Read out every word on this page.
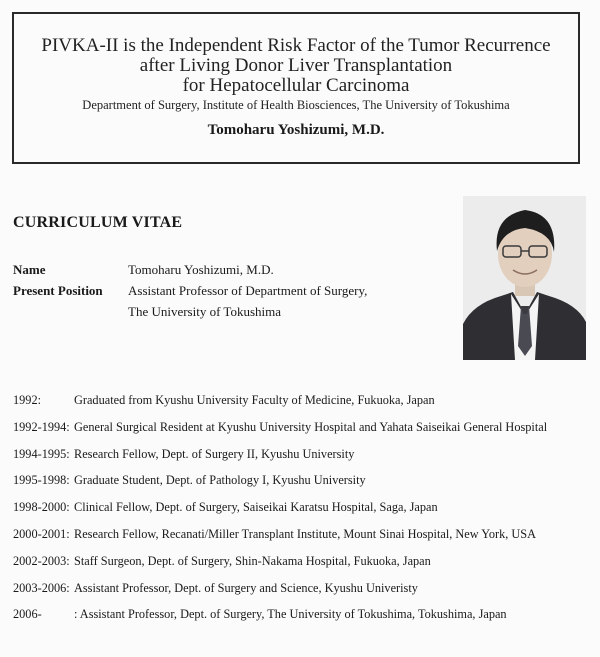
PIVKA-II is the Independent Risk Factor of the Tumor Recurrence

after Living Donor Liver Transplantation

for Hepatocellular Carcinoma

Department of Surgery, Institute of Health Biosciences, The University of Tokushima
Tomoharu Yoshizumi, M.D.
CURRICULUM VITAE
Name	Tomoharu Yoshizumi, M.D.
Present Position	Assistant Professor of Department of Surgery,
The University of Tokushima
1992:	Graduated from Kyushu University Faculty of Medicine, Fukuoka, Japan
1992-1994: General Surgical Resident at Kyushu University Hospital and Yahata Saiseikai General Hospital
1994-1995: Research Fellow, Dept. of Surgery II, Kyushu University
1995-1998: Graduate Student, Dept. of Pathology I, Kyushu University
1998-2000: Clinical Fellow, Dept. of Surgery, Saiseikai Karatsu Hospital, Saga, Japan
2000-2001: Research Fellow, Recanati/Miller Transplant Institute, Mount Sinai Hospital, New York, USA
2002-2003: Staff Surgeon, Dept. of Surgery, Shin-Nakama Hospital, Fukuoka, Japan
2003-2006: Assistant Professor, Dept. of Surgery and Science, Kyushu Univeristy
2006-	: Assistant Professor, Dept. of Surgery, The University of Tokushima, Tokushima, Japan
